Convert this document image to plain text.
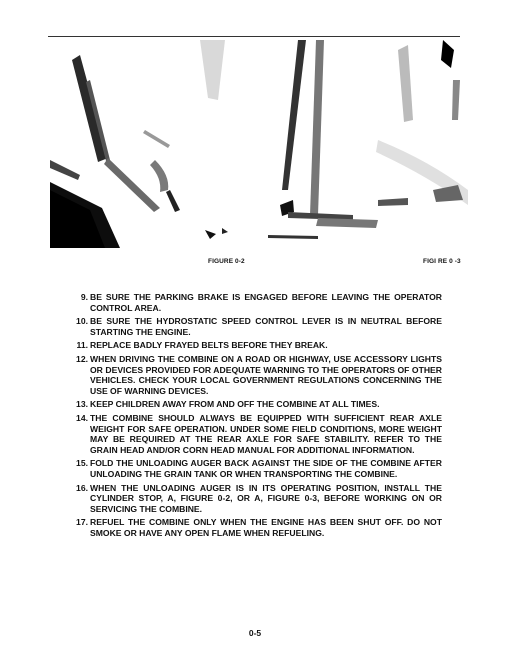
FIGURE 0-2	FIGI RE 0 -3
9. BE SURE THE PARKING BRAKE IS ENGAGED BEFORE LEAVING THE OPERATOR CONTROL AREA.
10. BE SURE THE HYDROSTATIC SPEED CONTROL LEVER IS IN NEUTRAL BEFORE STARTING THE ENGINE.
11. REPLACE BADLY FRAYED BELTS BEFORE THEY BREAK.
12. WHEN DRIVING THE COMBINE ON A ROAD OR HIGHWAY, USE ACCESSORY LIGHTS OR DEVICES PROVIDED FOR ADEQUATE WARNING TO THE OPERATORS OF OTHER VEHICLES. CHECK YOUR LOCAL GOVERNMENT REGULATIONS CONCERNING THE USE OF WARNING DEVICES.
13. KEEP CHILDREN AWAY FROM AND OFF THE COMBINE AT ALL TIMES.
14. THE COMBINE SHOULD ALWAYS BE EQUIPPED WITH SUFFICIENT REAR AXLE WEIGHT FOR SAFE OPERATION. UNDER SOME FIELD CONDITIONS, MORE WEIGHT MAY BE REQUIRED AT THE REAR AXLE FOR SAFE STABILITY. REFER TO THE GRAIN HEAD AND/OR CORN HEAD MANUAL FOR ADDITIONAL INFORMATION.
15. FOLD THE UNLOADING AUGER BACK AGAINST THE SIDE OF THE COMBINE AFTER UNLOADING THE GRAIN TANK OR WHEN TRANSPORTING THE COMBINE.
16. WHEN THE UNLOADING AUGER IS IN ITS OPERATING POSITION, INSTALL THE CYLINDER STOP, A, FIGURE 0-2, OR A, FIGURE 0-3, BEFORE WORKING ON OR SERVICING THE COMBINE.
17. REFUEL THE COMBINE ONLY WHEN THE ENGINE HAS BEEN SHUT OFF. DO NOT SMOKE OR HAVE ANY OPEN FLAME WHEN REFUELING.
0-5
